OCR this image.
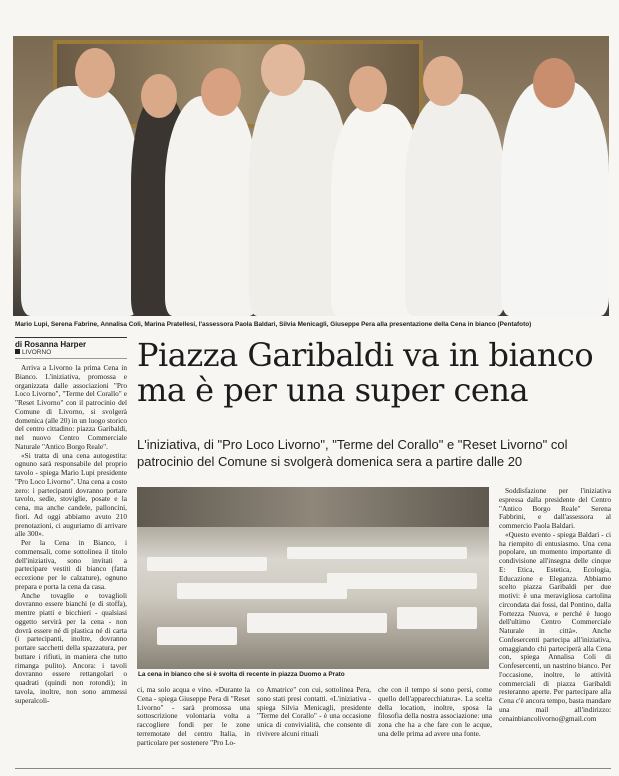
Mario Lupi, Serena Fabrine, Annalisa Coli, Marina Pratellesi, l'assessora Paola Baldari, Silvia Menicagli, Giuseppe Pera alla presentazione della Cena in bianco (Pentafoto)
di Rosanna Harper
LIVORNO	Piazza Garibaldi va in bianco
ma è per una super cena
L'iniziativa, di "Pro Loco Livorno", "Terme del Corallo" e "Reset Livorno" col patrocinio del Comune si svolgerà domenica sera a partire dalle 20

Arriva a Livorno la prima Cena in Bianco. L'iniziativa, promossa e organizzata dalle associazioni "Pro Loco Livorno", "Terme del Corallo" e "Reset Livorno" con il patrocinio del Comune di Livorno, si svolgerà domenica (alle 20) in un luogo storico del centro cittadino: piazza Garibaldi, nel nuovo Centro Commerciale Naturale "Antico Borgo Reale".

«Si tratta di una cena autogestita: ognuno sarà responsabile del proprio tavolo - spiega Mario Lupi presidente "Pro Loco Livorno". Una cena a costo zero: i partecipanti dovranno portare tavolo, sedie, stoviglie, posate e la cena, ma anche candele, palloncini, fiori. Ad oggi abbiamo avuto 210 prenotazioni, ci auguriamo di arrivare alle 300».

Per la Cena in Bianco, i commensali, come sottolinea il titolo dell'iniziativa, sono invitati a partecipare vestiti di bianco (fatta eccezione per le calzature), ognuno prepara e porta la cena da casa.

Anche tovaglie e tovaglioli dovranno essere bianchi (e di stoffa), mentre piatti e bicchieri - qualsiasi oggetto servirà per la cena - non dovrà essere né di plastica né di carta (i partecipanti, inoltre, dovranno portare sacchetti della spazzatura, per buttare i rifiuti, in maniera che tutto rimanga pulito). Ancora: i tavoli dovranno essere rettangolari o quadrati (quindi non rotondi); in tavola, inoltre, non sono ammessi superalcoli-

La cena in bianco che si è svolta di recente in piazza Duomo a Prato
ci, ma solo acqua e vino. «Durante la Cena - spiega Giuseppe Pera di "Reset Livorno" - sarà promossa una sottoscrizione volontaria volta a raccogliere fondi per le zone terremotate del centro Italia, in particolare per sostenere "Pro Lo-
co Amatrice" con cui, sottolinea Pera, sono stati presi contatti. «L'iniziativa - spiega Silvia Menicagli, presidente "Terme del Corallo" - è una occasione unica di convivialità, che consente di rivivere alcuni rituali
che con il tempo si sono persi, come quello dell'apparecchiatura». La scelta della location, inoltre, sposa la filosofia della nostra associazione: una zona che ha a che fare con le acque, una delle prima ad avere una fonte.

Soddisfazione per l'iniziativa espressa dalla presidente del Centro "Antico Borgo Reale" Serena Fabbrini, e dall'assessora al commercio Paola Baldari.

«Questo evento - spiega Baldari - ci ha riempito di entusiasmo. Una cena popolare, un momento importante di condivisione all'insegna delle cinque E: Etica, Estetica, Ecologia, Educazione e Eleganza. Abbiamo scelto piazza Garibaldi per due motivi: è una meravigliosa cartolina circondata dai fossi, dal Pontino, dalla Fortezza Nuova, e perché è luogo dell'ultimo Centro Commerciale Naturale in città». Anche Confesercenti partecipa all'iniziativa, omaggiando chi parteciperà alla Cena con, spiega Annalisa Coli di Confesercenti, un nastrino bianco. Per l'occasione, inoltre, le attività commerciali di piazza Garibaldi resteranno aperte. Per partecipare alla Cena c'è ancora tempo, basta mandare una mail all'indirizzo: cenainbiancolivorno@gmail.com
